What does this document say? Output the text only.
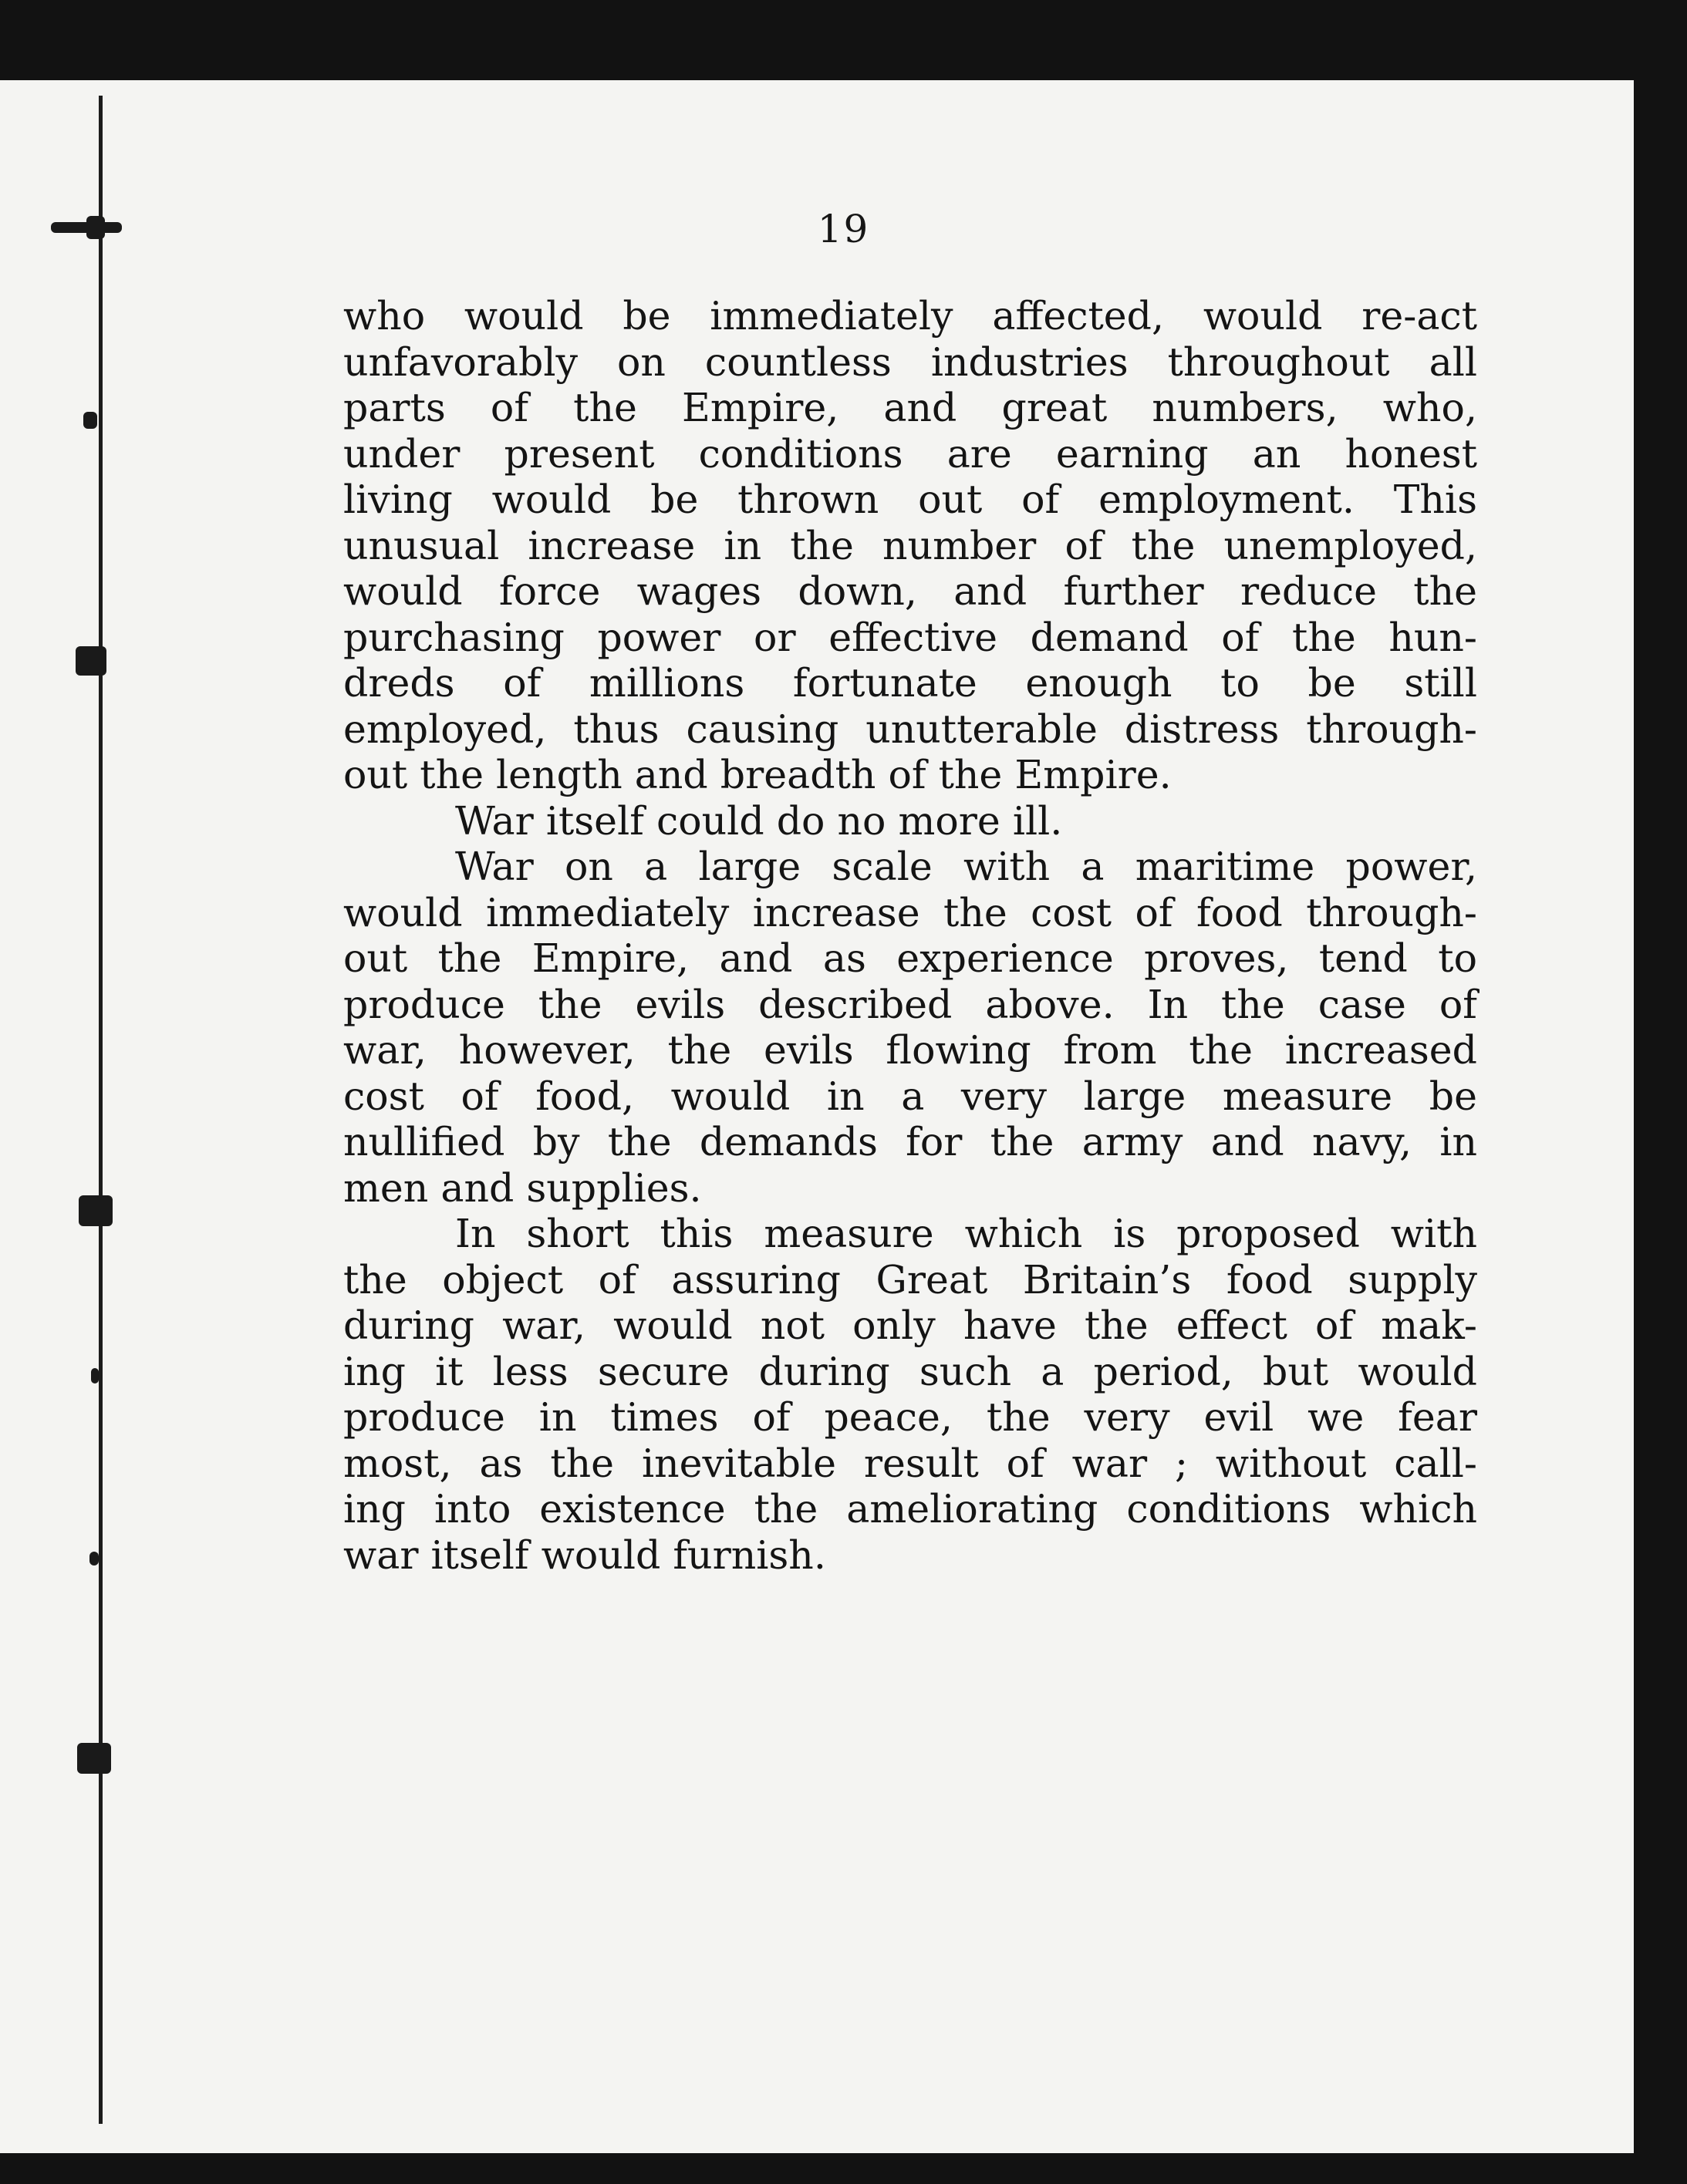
19
who would be immediately affected, would re-act
unfavorably on countless industries throughout all
parts of the Empire, and great numbers, who,
under present conditions are earning an honest
living would be thrown out of employment. This
unusual increase in the number of the unemployed,
would force wages down, and further reduce the
purchasing power or effective demand of the hun-
dreds of millions fortunate enough to be still
employed, thus causing unutterable distress through-
out the length and breadth of the Empire.
War itself could do no more ill.
War on a large scale with a maritime power,
would immediately increase the cost of food through-
out the Empire, and as experience proves, tend to
produce the evils described above. In the case of
war, however, the evils flowing from the increased
cost of food, would in a very large measure be
nullified by the demands for the army and navy, in
men and supplies.
In short this measure which is proposed with
the object of assuring Great Britain’s food supply
during war, would not only have the effect of mak-
ing it less secure during such a period, but would
produce in times of peace, the very evil we fear
most, as the inevitable result of war ; without call-
ing into existence the ameliorating conditions which
war itself would furnish.
